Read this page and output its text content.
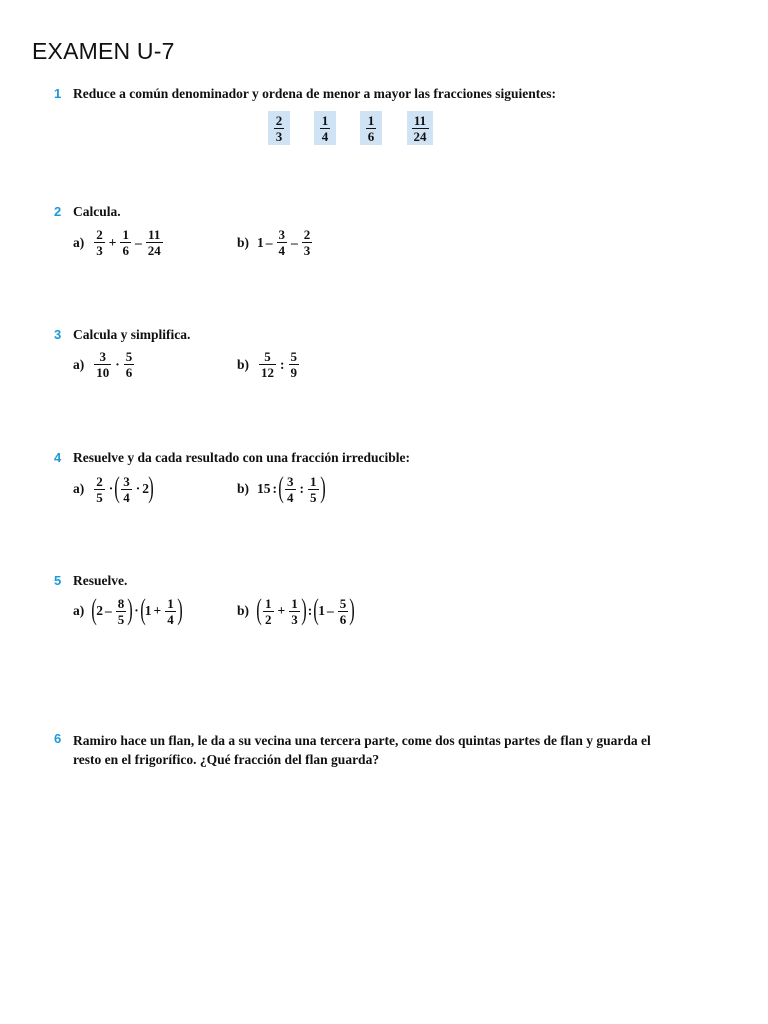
EXAMEN U-7
1 Reduce a común denominador y ordena de menor a mayor las fracciones siguientes:
$\frac{2}{3}$	$\frac{1}{4}$	$\frac{1}{6}$	$\frac{11}{24}$
2 Calcula.
$a) \frac{2}{3} + \frac{1}{6} - \frac{11}{24}$	b) $1 - \frac{3}{4} - \frac{2}{3}$
3 Calcula y simplifica.
$a) \frac{3}{10} \cdot \frac{5}{6}$	$b) \frac{5}{12}$ : $\frac{5}{9}$
4 Resuelve y da cada resultado con una fracción irreducible:
$a) \frac{2}{5}$ · ( $\frac{3}{4} \cdot 2$ )	b) 15 : ( $\frac{3}{4}$ : $\frac{1}{5}$ )
5 Resuelve.
a) ( $2 - \frac{8}{5}$ ) · ( $1 + \frac{1}{4}$ )	b) ( $\frac{1}{2} + \frac{1}{3}$ ) : ( $1 - \frac{5}{6}$ )
6 Ramiro hace un flan, le da a su vecina una tercera parte, come dos quintas partes de flan y guarda el resto en el frigorífico. ¿Qué fracción del flan guarda?
